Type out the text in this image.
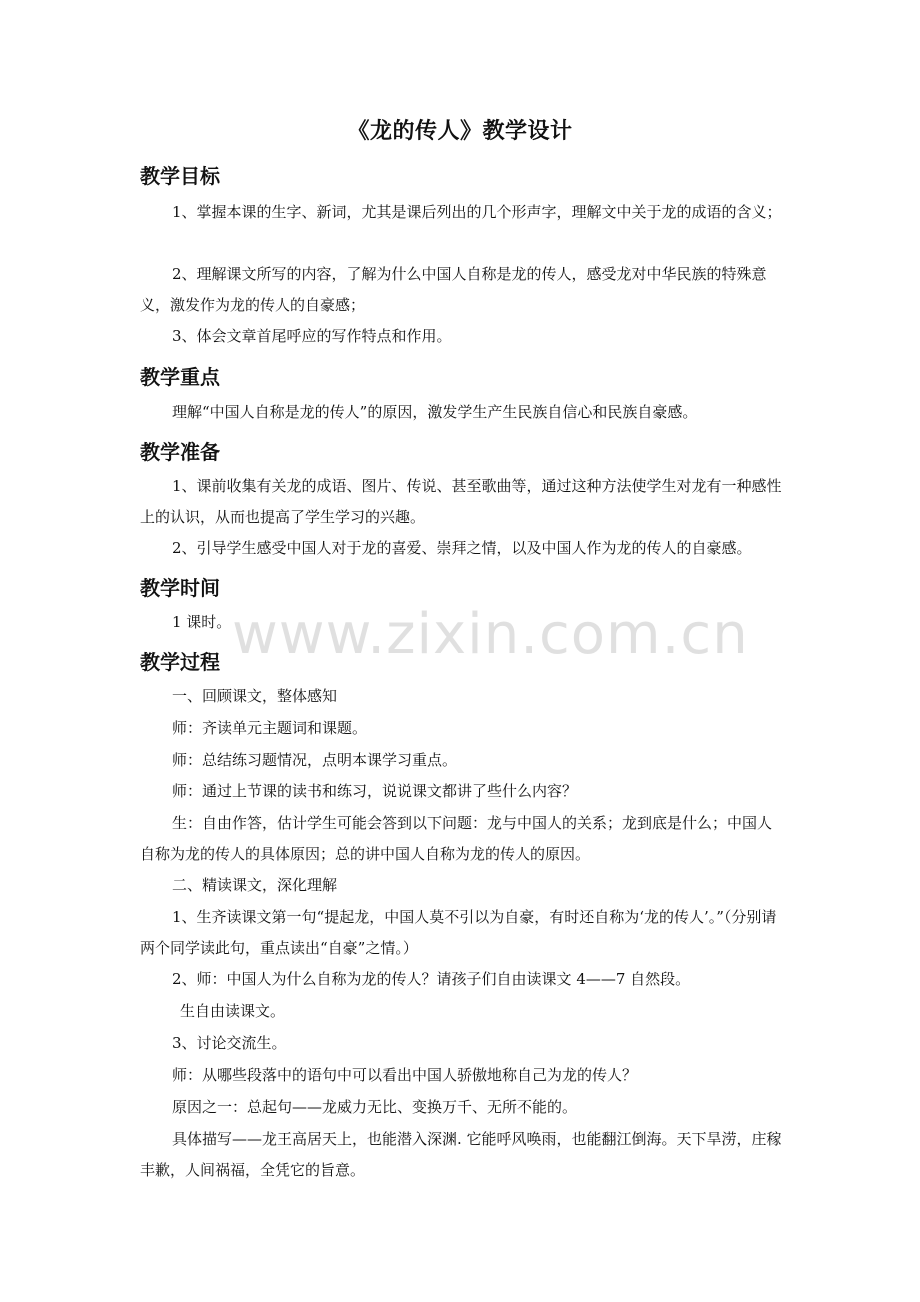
《龙的传人》教学设计
教学目标
1、掌握本课的生字、新词，尤其是课后列出的几个形声字，理解文中关于龙的成语的含义；
2、理解课文所写的内容，了解为什么中国人自称是龙的传人，感受龙对中华民族的特殊意义，激发作为龙的传人的自豪感；
3、体会文章首尾呼应的写作特点和作用。
教学重点
理解“中国人自称是龙的传人”的原因，激发学生产生民族自信心和民族自豪感。
教学准备
1、课前收集有关龙的成语、图片、传说、甚至歌曲等，通过这种方法使学生对龙有一种感性上的认识，从而也提高了学生学习的兴趣。
2、引导学生感受中国人对于龙的喜爱、崇拜之情，以及中国人作为龙的传人的自豪感。
教学时间
1 课时。
教学过程
一、回顾课文，整体感知
师：齐读单元主题词和课题。
师：总结练习题情况，点明本课学习重点。
师：通过上节课的读书和练习，说说课文都讲了些什么内容？
生：自由作答，估计学生可能会答到以下问题：龙与中国人的关系；龙到底是什么；中国人自称为龙的传人的具体原因；总的讲中国人自称为龙的传人的原因。
二、精读课文，深化理解
1、生齐读课文第一句“提起龙，中国人莫不引以为自豪，有时还自称为‘龙的传人’。”（分别请两个同学读此句，重点读出“自豪”之情。）
2、师：中国人为什么自称为龙的传人？请孩子们自由读课文 4——7 自然段。
生自由读课文。
3、讨论交流生。
师：从哪些段落中的语句中可以看出中国人骄傲地称自己为龙的传人？
原因之一：总起句——龙威力无比、变换万千、无所不能的。
具体描写——龙王高居天上，也能潜入深渊. 它能呼风唤雨，也能翻江倒海。天下旱涝，庄稼丰歉，人间祸福，全凭它的旨意。
www.zixin.com.cn
